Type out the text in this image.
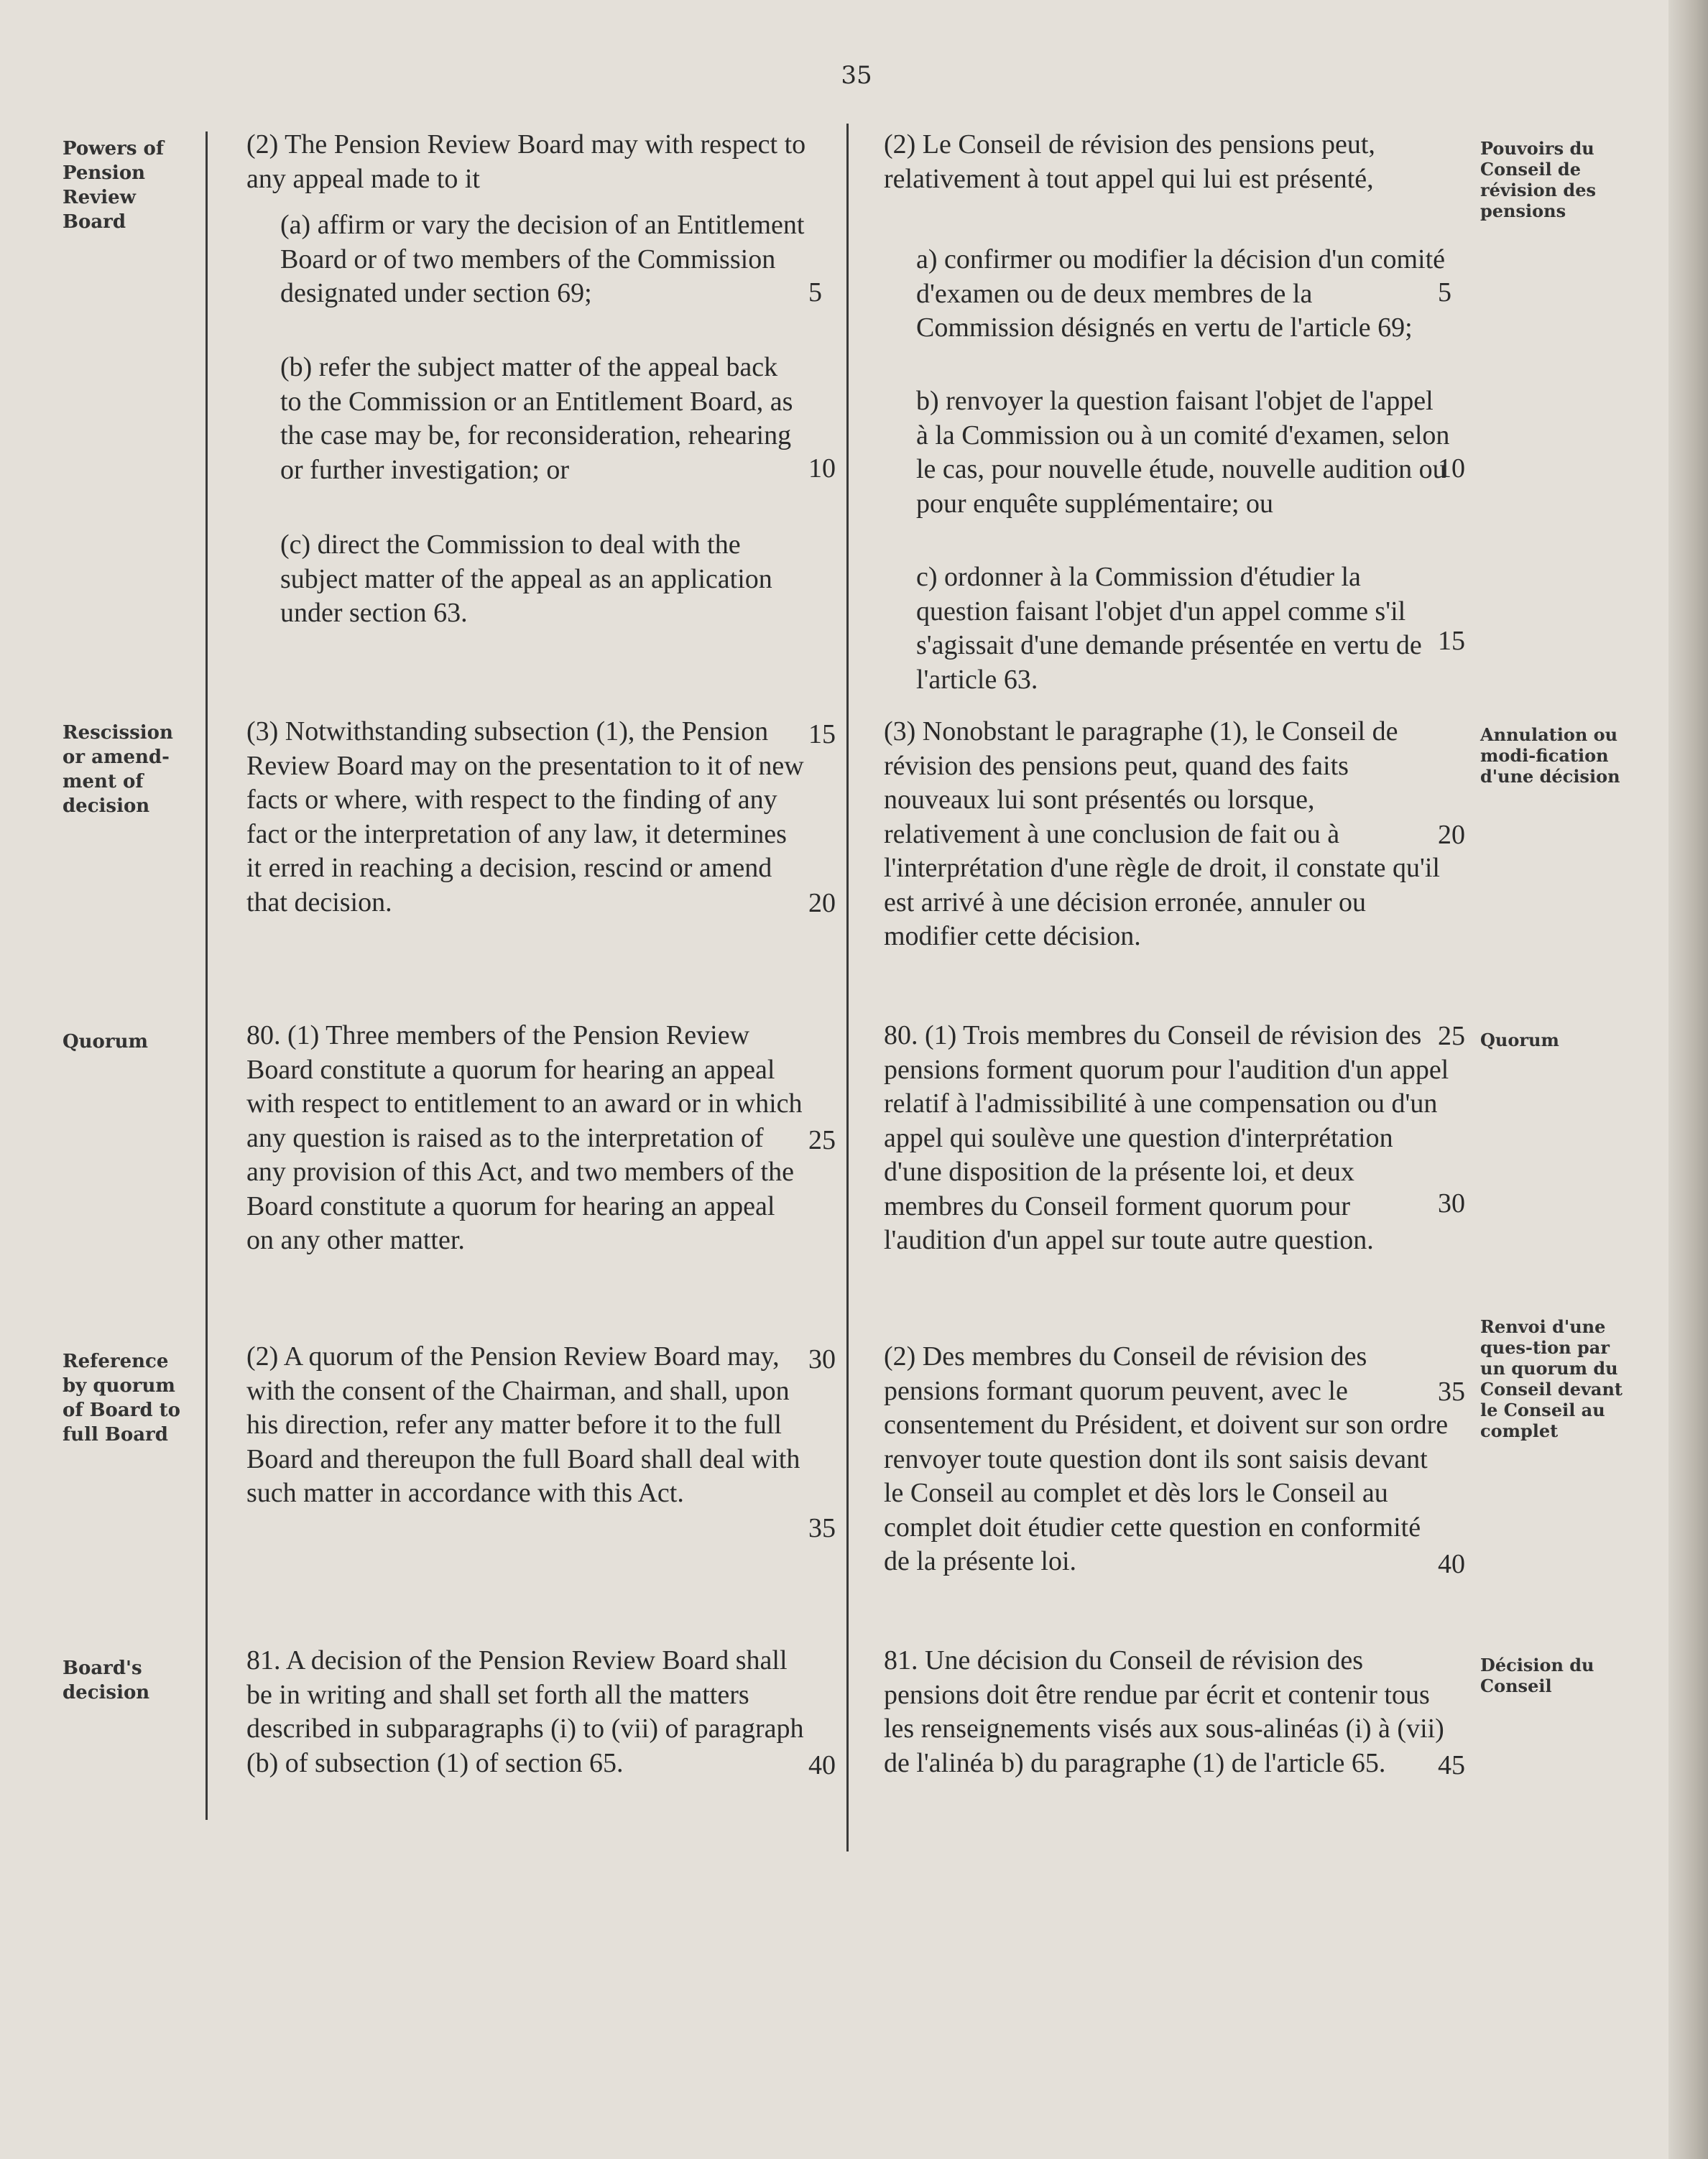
35
Powers of Pension Review Board
Rescission or amend-ment of decision
Quorum
Reference by quorum of Board to full Board
Board's decision
Pouvoirs du Conseil de révision des pensions
Annulation ou modi-fication d'une décision
Quorum
Renvoi d'une ques-tion par un quorum du Conseil devant le Conseil au complet
Décision du Conseil
(2) The Pension Review Board may with respect to any appeal made to it
(a) affirm or vary the decision of an Entitlement Board or of two members of the Commission designated under section 69;
(b) refer the subject matter of the appeal back to the Commission or an Entitlement Board, as the case may be, for reconsideration, rehearing or further investigation; or
(c) direct the Commission to deal with the subject matter of the appeal as an application under section 63.
(3) Notwithstanding subsection (1), the Pension Review Board may on the presentation to it of new facts or where, with respect to the finding of any fact or the interpretation of any law, it determines it erred in reaching a decision, rescind or amend that decision.
80. (1) Three members of the Pension Review Board constitute a quorum for hearing an appeal with respect to entitlement to an award or in which any question is raised as to the interpretation of any provision of this Act, and two members of the Board constitute a quorum for hearing an appeal on any other matter.
(2) A quorum of the Pension Review Board may, with the consent of the Chairman, and shall, upon his direction, refer any matter before it to the full Board and thereupon the full Board shall deal with such matter in accordance with this Act.
81. A decision of the Pension Review Board shall be in writing and shall set forth all the matters described in subparagraphs (i) to (vii) of paragraph (b) of subsection (1) of section 65.
(2) Le Conseil de révision des pensions peut, relativement à tout appel qui lui est présenté,
a) confirmer ou modifier la décision d'un comité d'examen ou de deux membres de la Commission désignés en vertu de l'article 69;
b) renvoyer la question faisant l'objet de l'appel à la Commission ou à un comité d'examen, selon le cas, pour nouvelle étude, nouvelle audition ou pour enquête supplémentaire; ou
c) ordonner à la Commission d'étudier la question faisant l'objet d'un appel comme s'il s'agissait d'une demande présentée en vertu de l'article 63.
(3) Nonobstant le paragraphe (1), le Conseil de révision des pensions peut, quand des faits nouveaux lui sont présentés ou lorsque, relativement à une conclusion de fait ou à l'interprétation d'une règle de droit, il constate qu'il est arrivé à une décision erronée, annuler ou modifier cette décision.
80. (1) Trois membres du Conseil de révision des pensions forment quorum pour l'audition d'un appel relatif à l'admissibilité à une compensation ou d'un appel qui soulève une question d'interprétation d'une disposition de la présente loi, et deux membres du Conseil forment quorum pour l'audition d'un appel sur toute autre question.
(2) Des membres du Conseil de révision des pensions formant quorum peuvent, avec le consentement du Président, et doivent sur son ordre renvoyer toute question dont ils sont saisis devant le Conseil au complet et dès lors le Conseil au complet doit étudier cette question en conformité de la présente loi.
81. Une décision du Conseil de révision des pensions doit être rendue par écrit et contenir tous les renseignements visés aux sous-alinéas (i) à (vii) de l'alinéa b) du paragraphe (1) de l'article 65.
5
10
15
20
25
30
35
40
5
10
15
20
25
30
35
40
45
